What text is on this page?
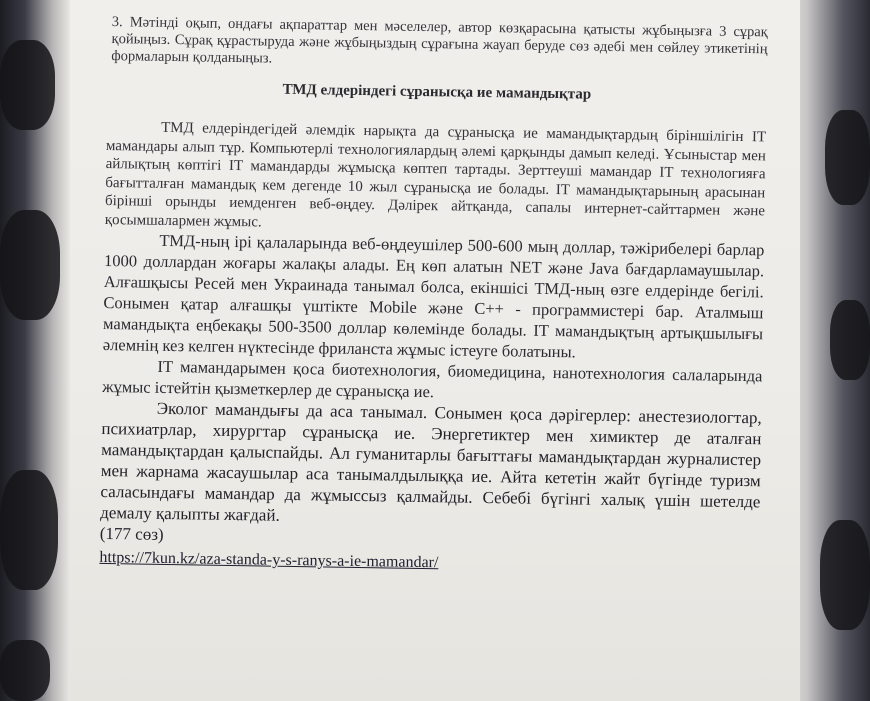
3. Мәтінді оқып, ондағы ақпараттар мен мәселелер, автор көзқарасына қатысты жұбыңызға 3 сұрақ қойыңыз. Сұрақ құрастыруда және жұбыңыздың сұрағына жауап беруде сөз әдебі мен сөйлеу этикетінің формаларын қолданыңыз.

ТМД елдеріндегі сұранысқа ие мамандықтар

ТМД елдеріндегідей әлемдік нарықта да сұранысқа ие мамандықтардың біріншілігін IT мамандары алып тұр. Компьютерлі технологиялардың әлемі қарқынды дамып келеді. Ұсыныстар мен айлықтың көптігі IT мамандарды жұмысқа көптеп тартады. Зерттеуші мамандар IT технологияға бағытталған мамандық кем дегенде 10 жыл сұранысқа ие болады. IT мамандықтарының арасынан бірінші орынды иемденген веб-өңдеу. Дәлірек айтқанда, сапалы интернет-сайттармен және қосымшалармен жұмыс.

ТМД-ның ірі қалаларында веб-өңдеушілер 500-600 мың доллар, тәжірибелері барлар 1000 доллардан жоғары жалақы алады. Ең көп алатын NET және Java бағдарламаушылар. Алғашқысы Ресей мен Украинада танымал болса, екіншісі ТМД-ның өзге елдерінде бегілі. Сонымен қатар алғашқы үштікте Mobile және С++ - программистері бар. Аталмыш мамандықта еңбекақы 500-3500 доллар көлемінде болады. IT мамандықтың артықшылығы әлемнің кез келген нүктесінде фриланста жұмыс істеуге болатыны.

IT мамандарымен қоса биотехнология, биомедицина, нанотехнология салаларында жұмыс істейтін қызметкерлер де сұранысқа ие.

Эколог мамандығы да аса танымал. Сонымен қоса дәрігерлер: анестезиологтар, психиатрлар, хирургтар сұранысқа ие. Энергетиктер мен химиктер де аталған мамандықтардан қалыспайды. Ал гуманитарлы бағыттағы мамандықтардан журналистер мен жарнама жасаушылар аса танымалдылыққа ие. Айта кететін жайт бүгінде туризм саласындағы мамандар да жұмыссыз қалмайды. Себебі бүгінгі халық үшін шетелде демалу қалыпты жағдай.

(177 сөз)

https://7kun.kz/aza-standa-y-s-ranys-a-ie-mamandar/
